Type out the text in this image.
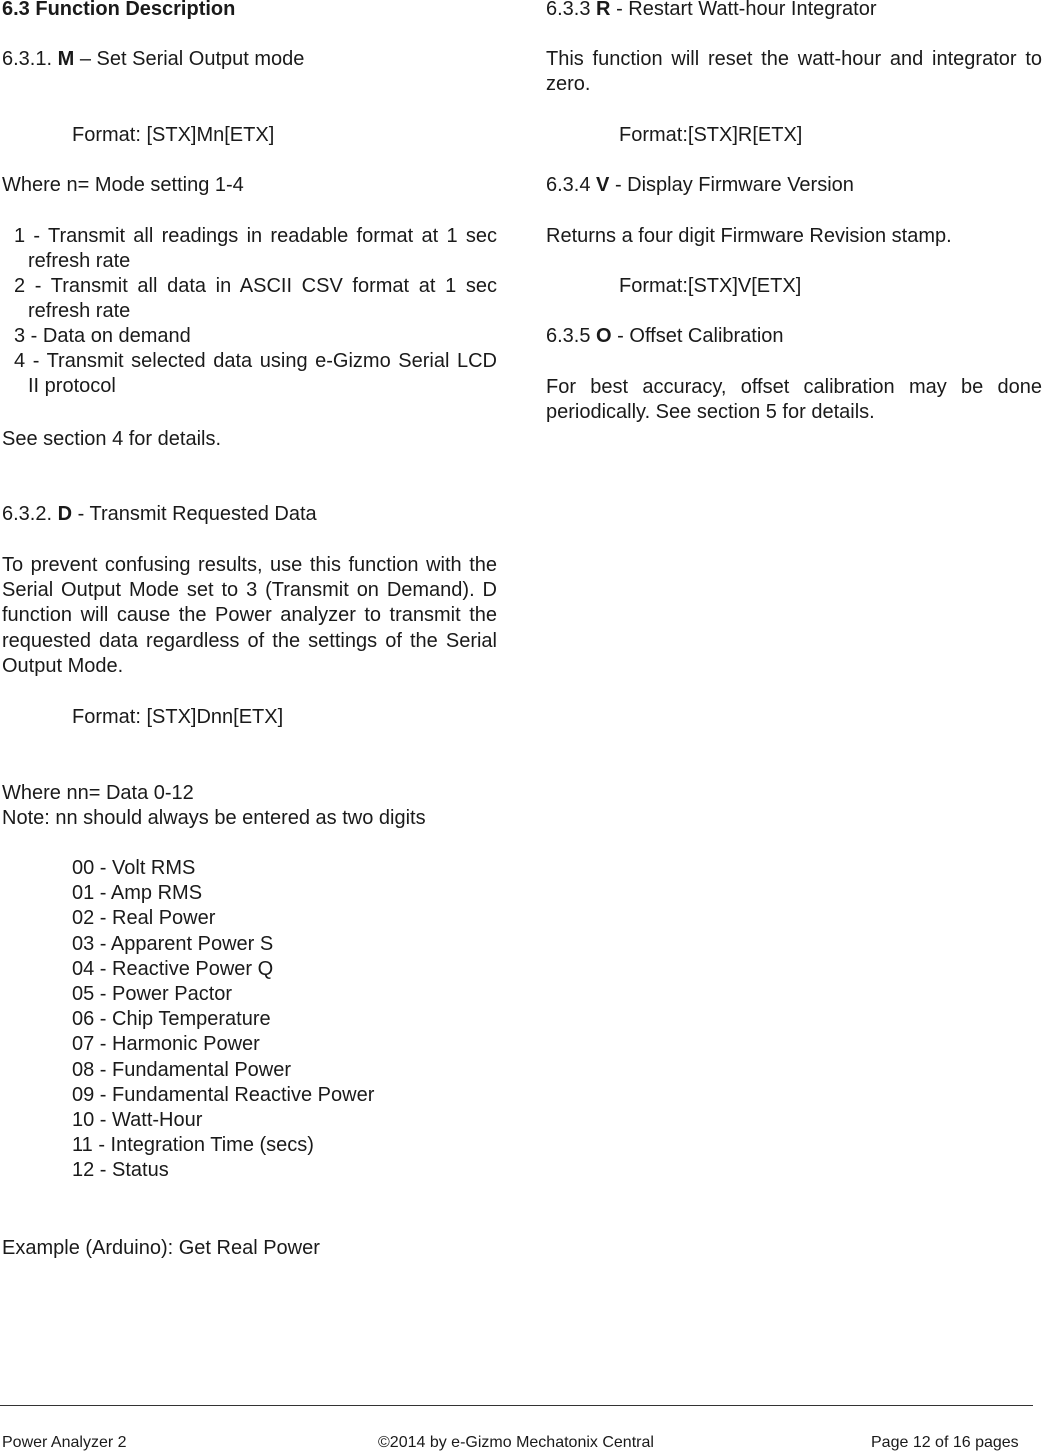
6.3 Function Description
6.3.1. M – Set Serial Output mode
Format: [STX]Mn[ETX]
Where n= Mode setting 1-4
1 - Transmit all readings in readable format at 1 sec refresh rate
2 - Transmit all data in ASCII CSV format at 1 sec refresh rate
3 - Data on demand
4 - Transmit selected data using e-Gizmo Serial LCD II protocol
See section 4 for details.
6.3.2. D - Transmit Requested Data
To prevent confusing results, use this function with the Serial Output Mode set to 3 (Transmit on Demand). D function will cause the Power analyzer to transmit the requested data regardless of the settings of the Serial Output Mode.
Format: [STX]Dnn[ETX]
Where nn= Data 0-12
Note: nn should always be entered as two digits
00 - Volt RMS
01 - Amp RMS
02 - Real Power
03 - Apparent Power S
04 - Reactive Power Q
05 - Power Pactor
06 - Chip Temperature
07 - Harmonic Power
08 - Fundamental Power
09 - Fundamental Reactive Power
10 - Watt-Hour
11 - Integration Time (secs)
12 - Status
Example (Arduino): Get Real Power
6.3.3 R - Restart Watt-hour Integrator
This function will reset the watt-hour and integrator to zero.
Format:[STX]R[ETX]
6.3.4 V - Display Firmware Version
Returns a four digit Firmware Revision stamp.
Format:[STX]V[ETX]
6.3.5 O - Offset Calibration
For best accuracy, offset calibration may be done periodically. See section 5 for details.
Power Analyzer 2	©2014 by e-Gizmo Mechatonix Central	Page 12 of 16 pages
